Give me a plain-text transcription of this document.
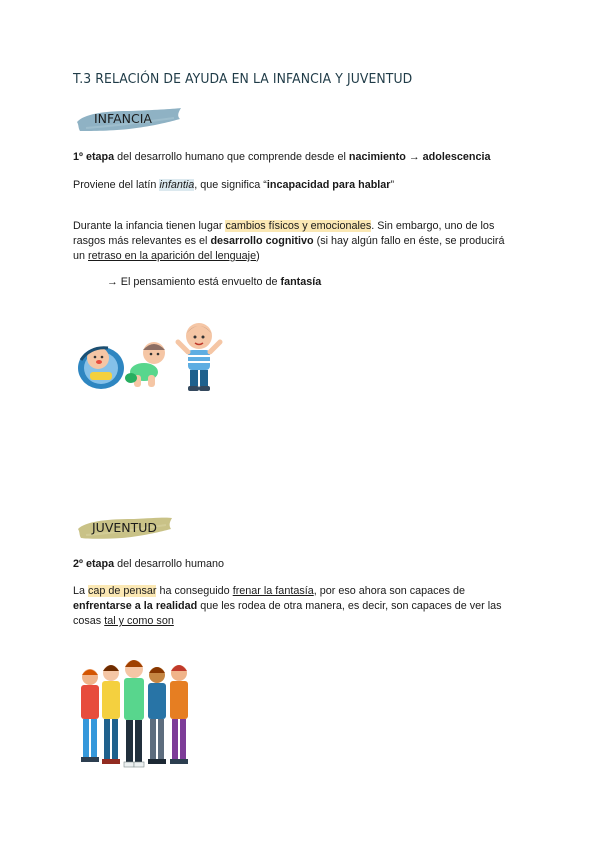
T.3 RELACIÓN DE AYUDA EN LA INFANCIA Y JUVENTUD
INFANCIA

1º etapa del desarrollo humano que comprende desde el nacimiento → adolescencia

Proviene del latín infantia, que significa “incapacidad para hablar”

Durante la infancia tienen lugar cambios físicos y emocionales. Sin embargo, uno de los

rasgos más relevantes es el desarrollo cognitivo (si hay algún fallo en éste, se producirá

un retraso en la aparición del lenguaje)

→ El pensamiento está envuelto de fantasía

JUVENTUD

2º etapa del desarrollo humano

La cap de pensar ha conseguido frenar la fantasía, por eso ahora son capaces de

enfrentarse a la realidad que les rodea de otra manera, es decir, son capaces de ver las

cosas tal y como son
